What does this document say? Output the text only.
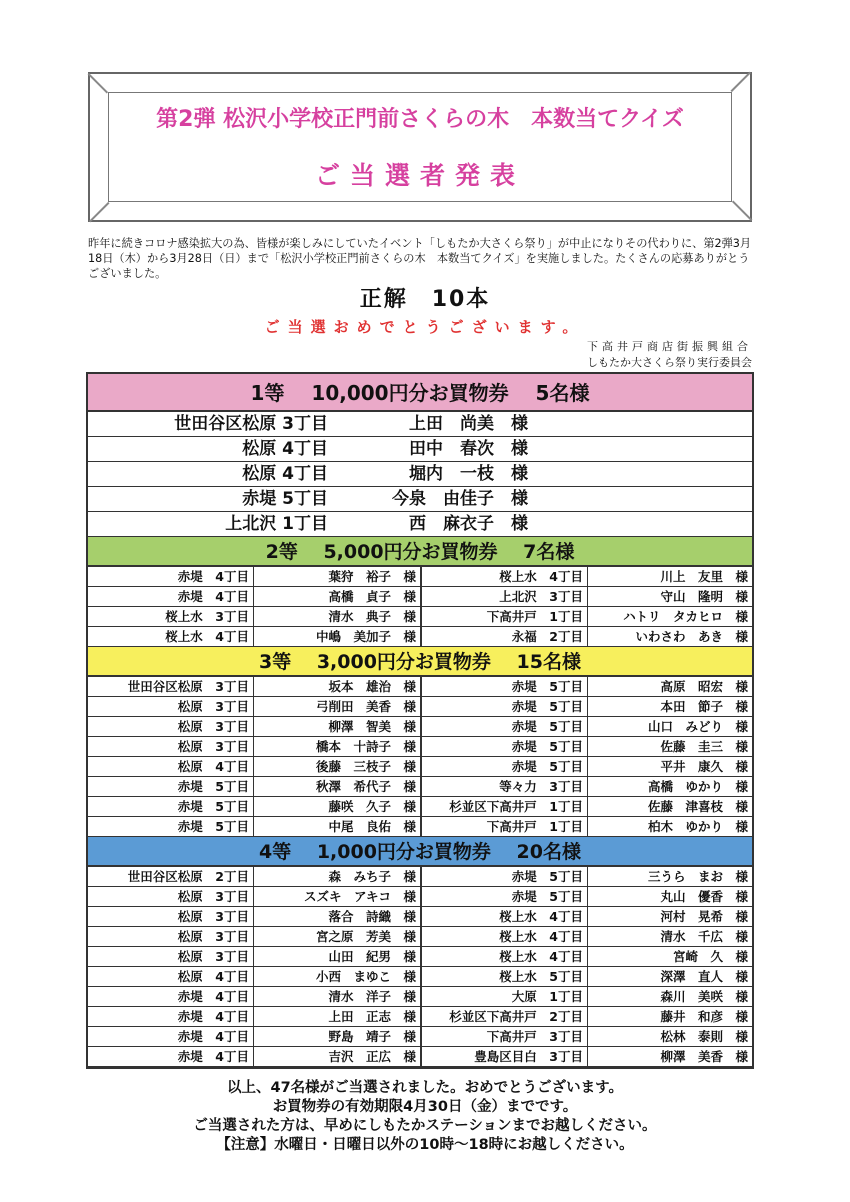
第2弾 松沢小学校正門前さくらの木　本数当てクイズ
ご当選者発表
昨年に続きコロナ感染拡大の為、皆様が楽しみにしていたイベント「しもたか大さくら祭り」が中止になりその代わりに、第2弾3月18日（木）から3月28日（日）まで「松沢小学校正門前さくらの木　本数当てクイズ」を実施しました。たくさんの応募ありがとうございました。
正解　10本
ご当選おめでとうございます。
下高井戸商店街振興組合
しもたか大さくら祭り実行委員会
1等　 10,000円分お買物券　 5名様
世田谷区松原 3丁目	上田　尚美　様
松原 4丁目	田中　春次　様
松原 4丁目	堀内　一枝　様
赤堤 5丁目	今泉　由佳子　様
上北沢 1丁目	西　麻衣子　様
2等　 5,000円分お買物券　 7名様
赤堤　4丁目	葉狩　裕子　様	桜上水　4丁目	川上　友里　様
赤堤　4丁目	高橋　貞子　様	上北沢　3丁目	守山　隆明　様
桜上水　3丁目	清水　典子　様	下高井戸　1丁目	ハトリ　タカヒロ　様
桜上水　4丁目	中嶋　美加子　様	永福　2丁目	いわさわ　あき　様
3等　 3,000円分お買物券　 15名様
世田谷区松原　3丁目	坂本　雄治　様	赤堤　5丁目	高原　昭宏　様
松原　3丁目	弓削田　美香　様	赤堤　5丁目	本田　節子　様
松原　3丁目	柳澤　智美　様	赤堤　5丁目	山口　みどり　様
松原　3丁目	橋本　十詩子　様	赤堤　5丁目	佐藤　圭三　様
松原　4丁目	後藤　三枝子　様	赤堤　5丁目	平井　康久　様
赤堤　5丁目	秋澤　希代子　様	等々力　3丁目	高橋　ゆかり　様
赤堤　5丁目	藤咲　久子　様	杉並区下高井戸　1丁目	佐藤　津喜枝　様
赤堤　5丁目	中尾　良佑　様	下高井戸　1丁目	柏木　ゆかり　様
4等　 1,000円分お買物券　 20名様
世田谷区松原　2丁目	森　みち子　様	赤堤　5丁目	三うら　まお　様
松原　3丁目	スズキ　アキコ　様	赤堤　5丁目	丸山　優香　様
松原　3丁目	落合　詩織　様	桜上水　4丁目	河村　晃希　様
松原　3丁目	宮之原　芳美　様	桜上水　4丁目	清水　千広　様
松原　3丁目	山田　紀男　様	桜上水　4丁目	宮崎　久　様
松原　4丁目	小西　まゆこ　様	桜上水　5丁目	深澤　直人　様
赤堤　4丁目	清水　洋子　様	大原　1丁目	森川　美咲　様
赤堤　4丁目	上田　正志　様	杉並区下高井戸　2丁目	藤井　和彦　様
赤堤　4丁目	野島　靖子　様	下高井戸　3丁目	松林　泰則　様
赤堤　4丁目	吉沢　正広　様	豊島区目白　3丁目	柳澤　美香　様
以上、47名様がご当選されました。おめでとうございます。
お買物券の有効期限4月30日（金）までです。
ご当選された方は、早めにしもたかステーションまでお越しください。
【注意】水曜日・日曜日以外の10時～18時にお越しください。
